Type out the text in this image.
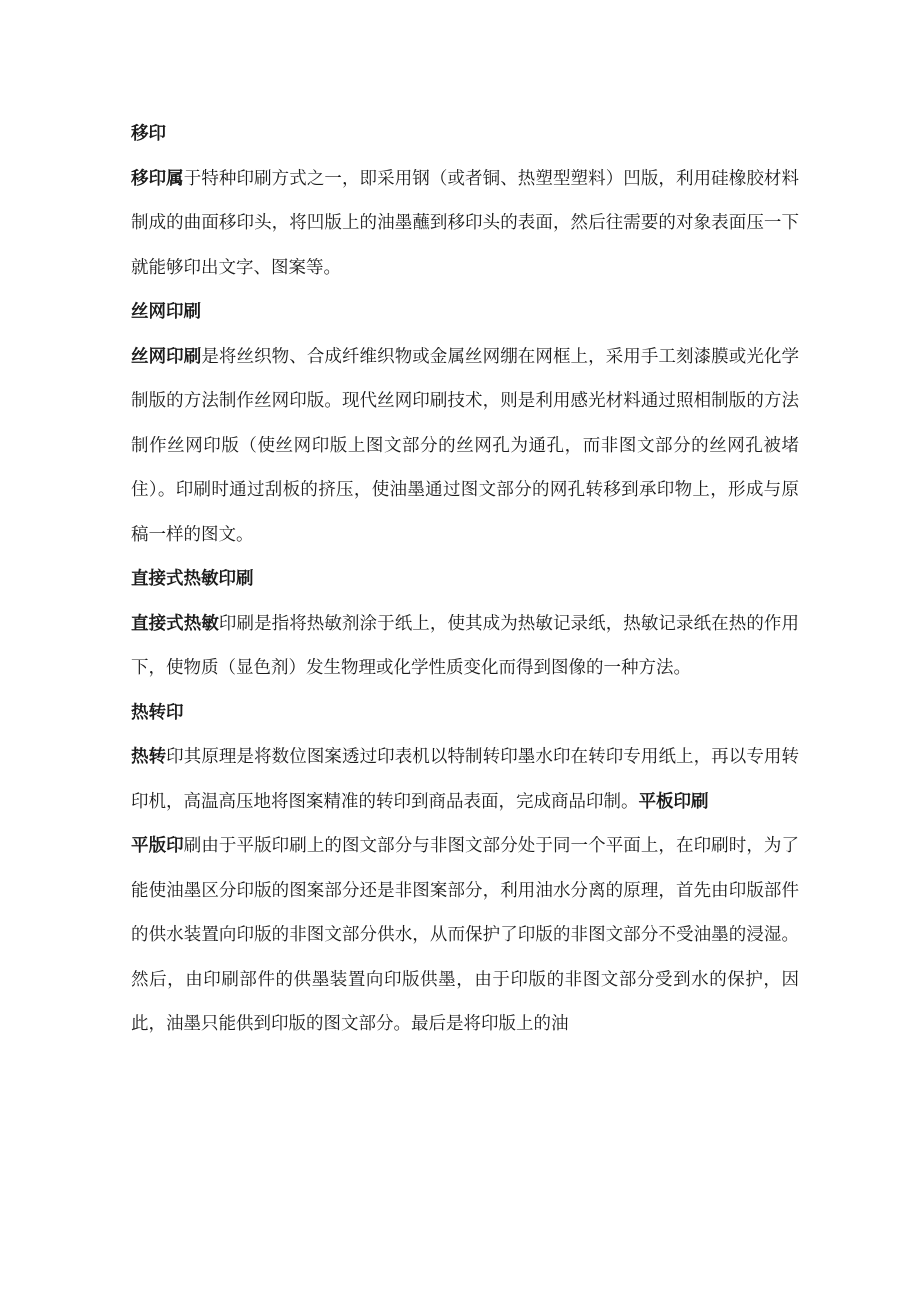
移印

移印属于特种印刷方式之一，即采用钢（或者铜、热塑型塑料）凹版，利用硅橡胶材料制成的曲面移印头，将凹版上的油墨蘸到移印头的表面，然后往需要的对象表面压一下就能够印出文字、图案等。

丝网印刷

丝网印刷是将丝织物、合成纤维织物或金属丝网绷在网框上，采用手工刻漆膜或光化学制版的方法制作丝网印版。现代丝网印刷技术，则是利用感光材料通过照相制版的方法制作丝网印版（使丝网印版上图文部分的丝网孔为通孔，而非图文部分的丝网孔被堵住）。印刷时通过刮板的挤压，使油墨通过图文部分的网孔转移到承印物上，形成与原稿一样的图文。

直接式热敏印刷

直接式热敏印刷是指将热敏剂涂于纸上，使其成为热敏记录纸，热敏记录纸在热的作用下，使物质（显色剂）发生物理或化学性质变化而得到图像的一种方法。

热转印

热转印其原理是将数位图案透过印表机以特制转印墨水印在转印专用纸上，再以专用转印机，高温高压地将图案精准的转印到商品表面，完成商品印制。平板印刷

平版印刷由于平版印刷上的图文部分与非图文部分处于同一个平面上，在印刷时，为了能使油墨区分印版的图案部分还是非图案部分，利用油水分离的原理，首先由印版部件的供水装置向印版的非图文部分供水，从而保护了印版的非图文部分不受油墨的浸湿。然后，由印刷部件的供墨装置向印版供墨，由于印版的非图文部分受到水的保护，因此，油墨只能供到印版的图文部分。最后是将印版上的油
